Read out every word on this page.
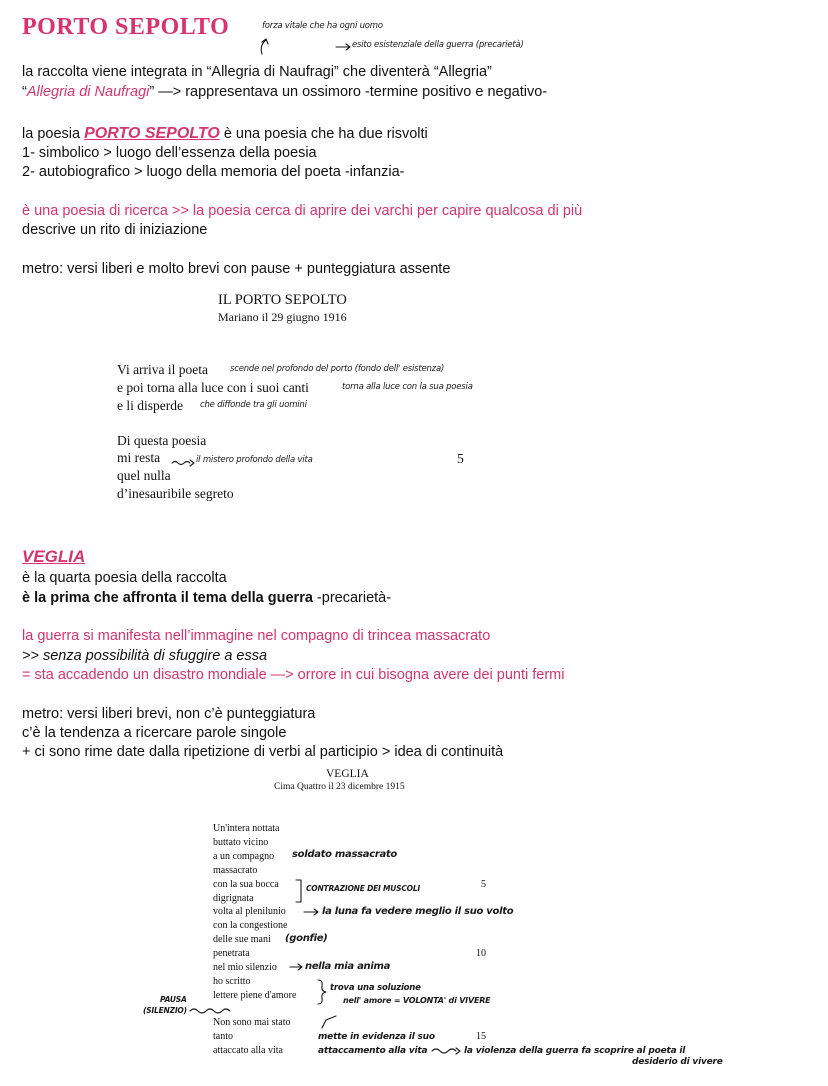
PORTO SEPOLTO	forza vitale che ha ogni uomo
esito esistenziale della guerra (precarietà)
la raccolta viene integrata in “Allegria di Naufragi” che diventerà “Allegria”
“Allegria di Naufragi” —> rappresentava un ossimoro -termine positivo e negativo-
la poesia PORTO SEPOLTO è una poesia che ha due risvolti
1- simbolico > luogo dell’essenza della poesia
2- autobiografico > luogo della memoria del poeta -infanzia-
è una poesia di ricerca >> la poesia cerca di aprire dei varchi per capire qualcosa di più
descrive un rito di iniziazione
metro: versi liberi e molto brevi con pause + punteggiatura assente
IL PORTO SEPOLTO
Mariano il 29 giugno 1916
Vi arriva il poeta
e poi torna alla luce con i suoi canti
e li disperde
Di questa poesia
mi resta
quel nulla
d’inesauribile segreto
5
scende nel profondo del porto (fondo dell' esistenza)
torna alla luce con la sua poesia
che diffonde tra gli uomini
il mistero profondo della vita
VEGLIA
è la quarta poesia della raccolta
è la prima che affronta il tema della guerra -precarietà-
la guerra si manifesta nell’immagine nel compagno di trincea massacrato
>> senza possibilità di sfuggire a essa
= sta accadendo un disastro mondiale —> orrore in cui bisogna avere dei punti fermi
metro: versi liberi brevi, non c’è punteggiatura
c’è la tendenza a ricercare parole singole
+ ci sono rime date dalla ripetizione di verbi al participio > idea di continuità
VEGLIA
Cima Quattro il 23 dicembre 1915
Un'intera nottata
buttato vicino
a un compagno
massacrato
con la sua bocca
digrignata
volta al plenilunio
con la congestione
delle sue mani
penetrata
nel mio silenzio
ho scritto
lettere piene d'amore
Non sono mai stato
tanto
attaccato alla vita
5
10
15
soldato massacrato
CONTRAZIONE DEI MUSCOLI
la luna fa vedere meglio il suo volto
(gonfie)
nella mia anima
trova una soluzione
nell' amore = VOLONTA' di VIVERE
PAUSA
(SILENZIO)
mette in evidenza il suo
attaccamento alla vita	la violenza della guerra fa scoprire al poeta il
desiderio di vivere
